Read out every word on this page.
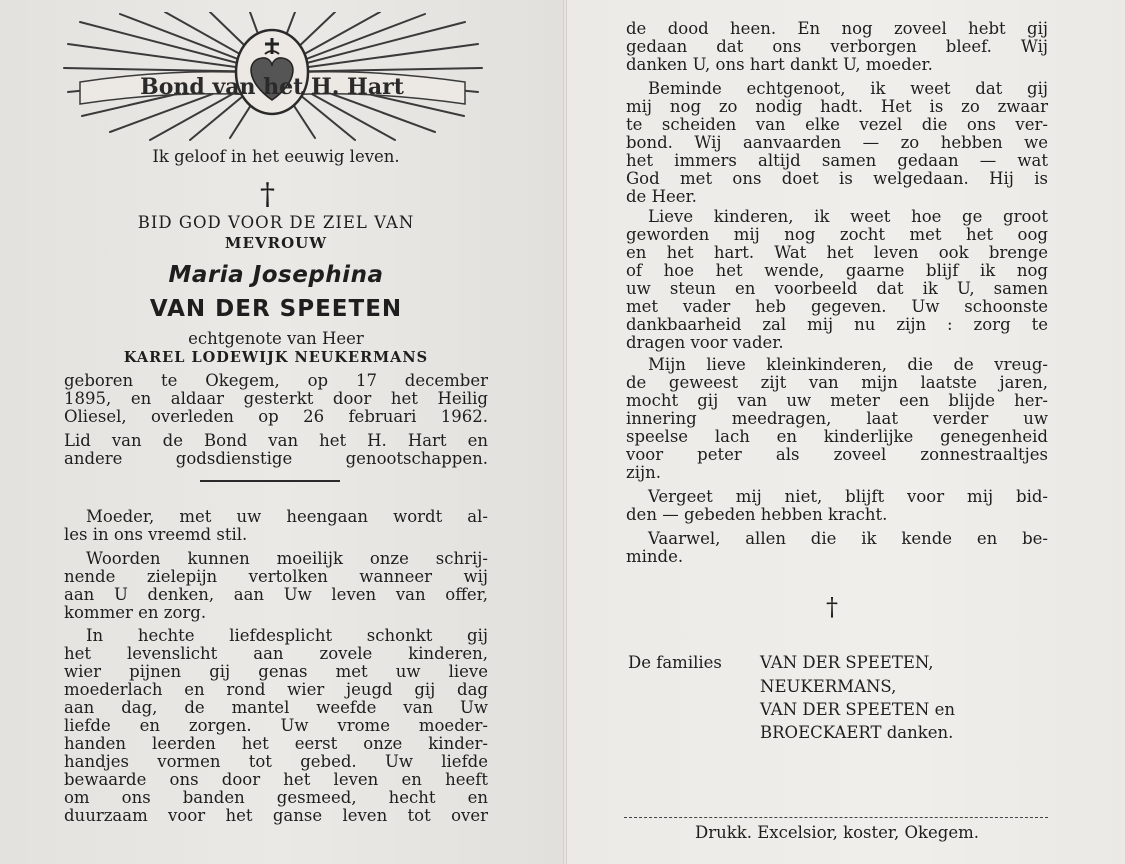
Bond van het H. Hart

Ik geloof in het eeuwig leven.

†

BID GOD VOOR DE ZIEL VAN

MEVROUW

Maria Josephina
VAN DER SPEETEN

echtgenote van Heer

KAREL LODEWIJK NEUKERMANS

geboren te Okegem, op 17 december

1895, en aldaar gesterkt door het Heilig

Oliesel, overleden op 26 februari 1962.

Lid van de Bond van het H. Hart en

andere godsdienstige genootschappen.

Moeder, met uw heengaan wordt al-

les in ons vreemd stil.

Woorden kunnen moeilijk onze schrij-

nende zielepijn vertolken wanneer wij

aan U denken, aan Uw leven van offer,

kommer en zorg.

In hechte liefdesplicht schonkt gij

het levenslicht aan zovele kinderen,

wier pijnen gij genas met uw lieve

moederlach en rond wier jeugd gij dag

aan dag, de mantel weefde van Uw

liefde en zorgen. Uw vrome moeder-

handen leerden het eerst onze kinder-

handjes vormen tot gebed. Uw liefde

bewaarde ons door het leven en heeft

om ons banden gesmeed, hecht en

duurzaam voor het ganse leven tot over

de dood heen. En nog zoveel hebt gij

gedaan dat ons verborgen bleef. Wij

danken U, ons hart dankt U, moeder.

Beminde echtgenoot, ik weet dat gij

mij nog zo nodig hadt. Het is zo zwaar

te scheiden van elke vezel die ons ver-

bond. Wij aanvaarden — zo hebben we

het immers altijd samen gedaan — wat

God met ons doet is welgedaan. Hij is

de Heer.

Lieve kinderen, ik weet hoe ge groot

geworden mij nog zocht met het oog

en het hart. Wat het leven ook brenge

of hoe het wende, gaarne blijf ik nog

uw steun en voorbeeld dat ik U, samen

met vader heb gegeven. Uw schoonste

dankbaarheid zal mij nu zijn : zorg te

dragen voor vader.

Mijn lieve kleinkinderen, die de vreug-

de geweest zijt van mijn laatste jaren,

mocht gij van uw meter een blijde her-

innering meedragen, laat verder uw

speelse lach en kinderlijke genegenheid

voor peter als zoveel zonnestraaltjes

zijn.

Vergeet mij niet, blijft voor mij bid-

den — gebeden hebben kracht.

Vaarwel, allen die ik kende en be-

minde.

†

De families VAN DER SPEETEN,

NEUKERMANS,

VAN DER SPEETEN en

BROECKAERT danken.

Drukk. Excelsior, koster, Okegem.
